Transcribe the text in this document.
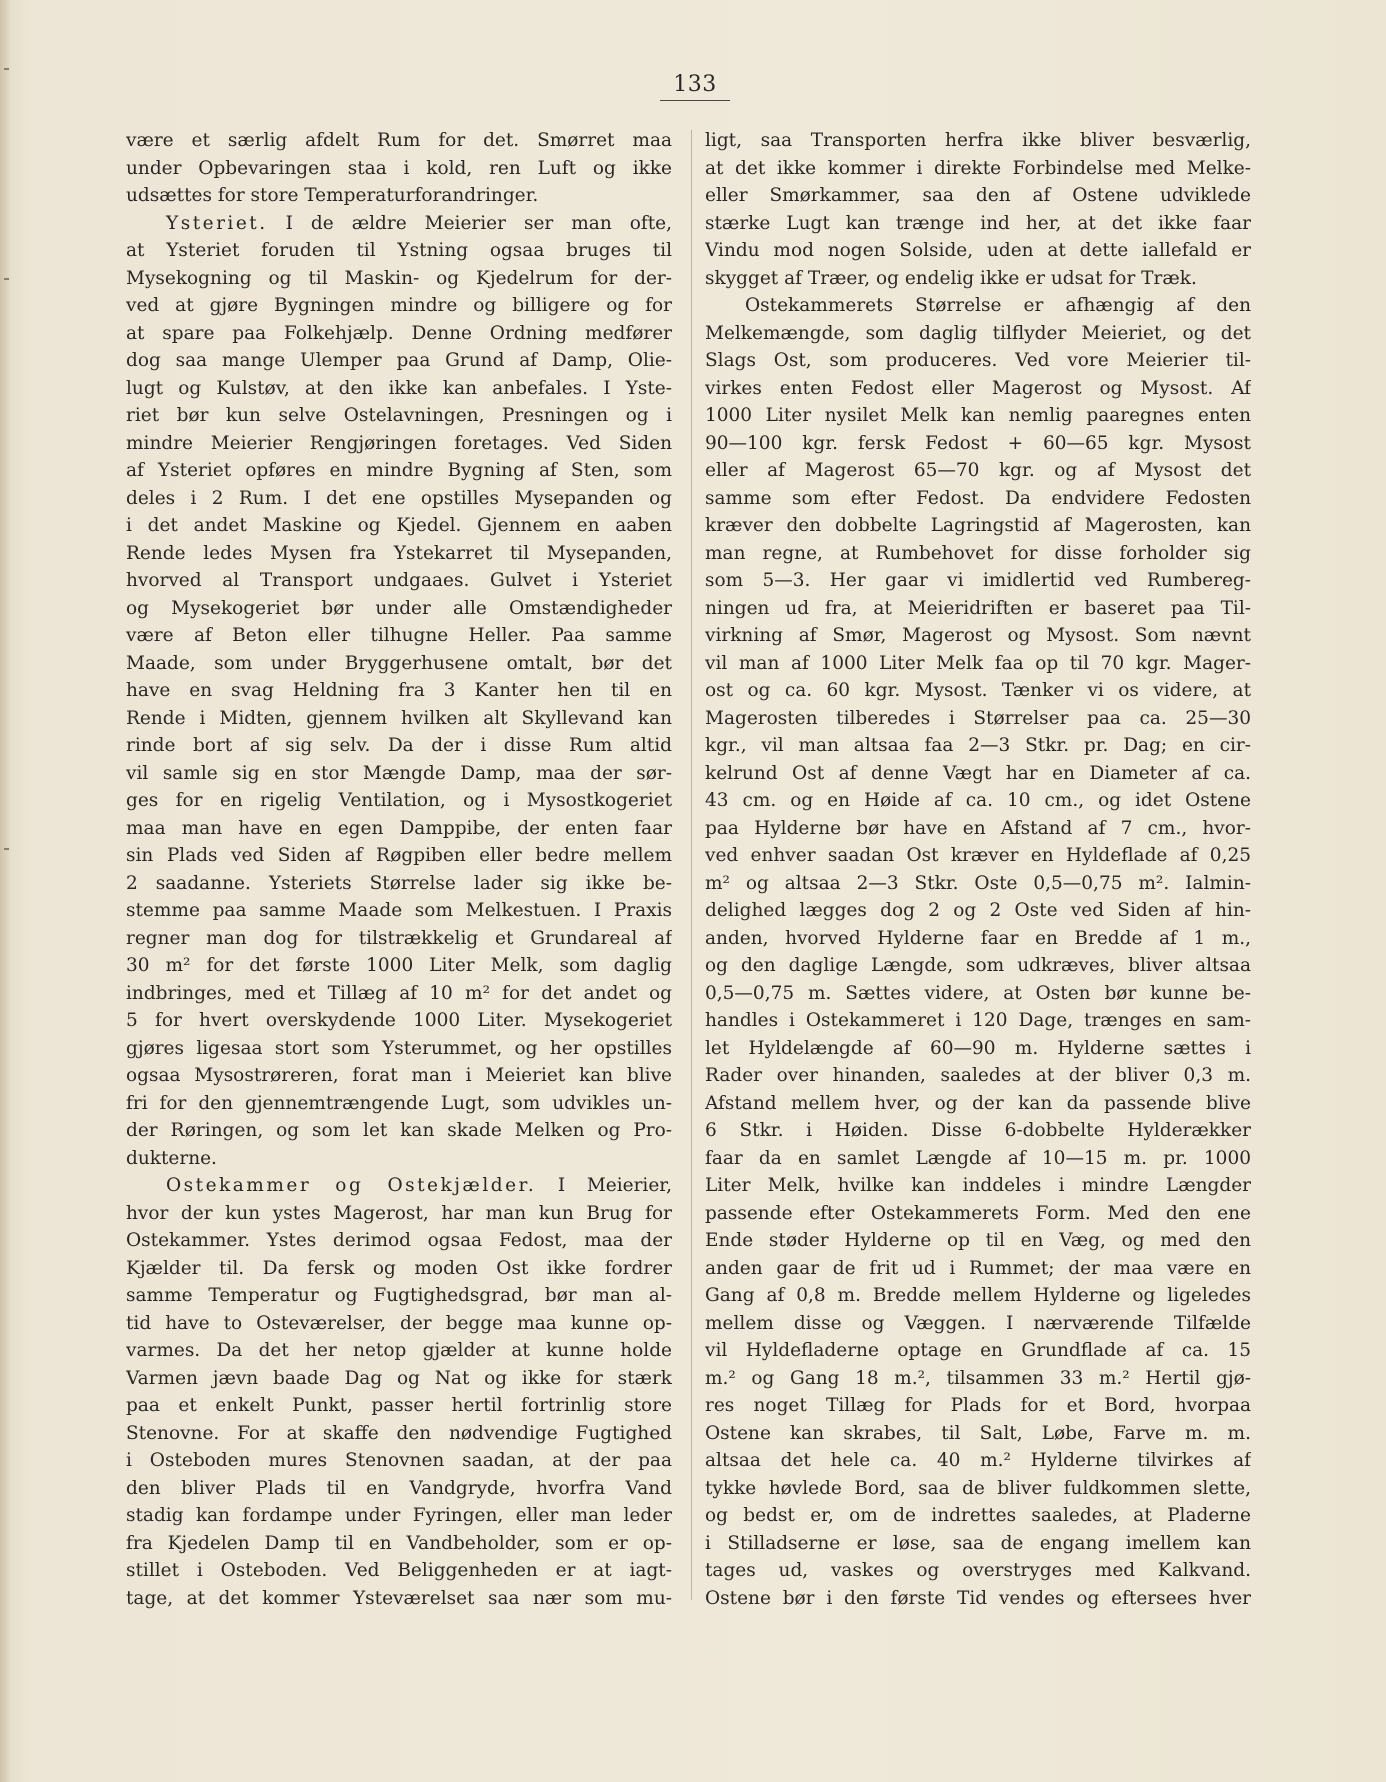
133
være et særlig afdelt Rum for det. Smørret maa
under Opbevaringen staa i kold, ren Luft og ikke
udsættes for store Temperaturforandringer.
Ysteriet. I de ældre Meierier ser man ofte,
at Ysteriet foruden til Ystning ogsaa bruges til
Mysekogning og til Maskin- og Kjedelrum for der-
ved at gjøre Bygningen mindre og billigere og for
at spare paa Folkehjælp. Denne Ordning medfører
dog saa mange Ulemper paa Grund af Damp, Olie-
lugt og Kulstøv, at den ikke kan anbefales. I Yste-
riet bør kun selve Ostelavningen, Presningen og i
mindre Meierier Rengjøringen foretages. Ved Siden
af Ysteriet opføres en mindre Bygning af Sten, som
deles i 2 Rum. I det ene opstilles Mysepanden og
i det andet Maskine og Kjedel. Gjennem en aaben
Rende ledes Mysen fra Ystekarret til Mysepanden,
hvorved al Transport undgaaes. Gulvet i Ysteriet
og Mysekogeriet bør under alle Omstændigheder
være af Beton eller tilhugne Heller. Paa samme
Maade, som under Bryggerhusene omtalt, bør det
have en svag Heldning fra 3 Kanter hen til en
Rende i Midten, gjennem hvilken alt Skyllevand kan
rinde bort af sig selv. Da der i disse Rum altid
vil samle sig en stor Mængde Damp, maa der sør-
ges for en rigelig Ventilation, og i Mysostkogeriet
maa man have en egen Damppibe, der enten faar
sin Plads ved Siden af Røgpiben eller bedre mellem
2 saadanne. Ysteriets Størrelse lader sig ikke be-
stemme paa samme Maade som Melkestuen. I Praxis
regner man dog for tilstrækkelig et Grundareal af
30 m² for det første 1000 Liter Melk, som daglig
indbringes, med et Tillæg af 10 m² for det andet og
5 for hvert overskydende 1000 Liter. Mysekogeriet
gjøres ligesaa stort som Ysterummet, og her opstilles
ogsaa Mysostrøreren, forat man i Meieriet kan blive
fri for den gjennemtrængende Lugt, som udvikles un-
der Røringen, og som let kan skade Melken og Pro-
dukterne.
Ostekammer og Ostekjælder. I Meierier,
hvor der kun ystes Magerost, har man kun Brug for
Ostekammer. Ystes derimod ogsaa Fedost, maa der
Kjælder til. Da fersk og moden Ost ikke fordrer
samme Temperatur og Fugtighedsgrad, bør man al-
tid have to Osteværelser, der begge maa kunne op-
varmes. Da det her netop gjælder at kunne holde
Varmen jævn baade Dag og Nat og ikke for stærk
paa et enkelt Punkt, passer hertil fortrinlig store
Stenovne. For at skaffe den nødvendige Fugtighed
i Osteboden mures Stenovnen saadan, at der paa
den bliver Plads til en Vandgryde, hvorfra Vand
stadig kan fordampe under Fyringen, eller man leder
fra Kjedelen Damp til en Vandbeholder, som er op-
stillet i Osteboden. Ved Beliggenheden er at iagt-
tage, at det kommer Ysteværelset saa nær som mu-
ligt, saa Transporten herfra ikke bliver besværlig,
at det ikke kommer i direkte Forbindelse med Melke-
eller Smørkammer, saa den af Ostene udviklede
stærke Lugt kan trænge ind her, at det ikke faar
Vindu mod nogen Solside, uden at dette iallefald er
skygget af Træer, og endelig ikke er udsat for Træk.
Ostekammerets Størrelse er afhængig af den
Melkemængde, som daglig tilflyder Meieriet, og det
Slags Ost, som produceres. Ved vore Meierier til-
virkes enten Fedost eller Magerost og Mysost. Af
1000 Liter nysilet Melk kan nemlig paaregnes enten
90—100 kgr. fersk Fedost + 60—65 kgr. Mysost
eller af Magerost 65—70 kgr. og af Mysost det
samme som efter Fedost. Da endvidere Fedosten
kræver den dobbelte Lagringstid af Magerosten, kan
man regne, at Rumbehovet for disse forholder sig
som 5—3. Her gaar vi imidlertid ved Rumbereg-
ningen ud fra, at Meieridriften er baseret paa Til-
virkning af Smør, Magerost og Mysost. Som nævnt
vil man af 1000 Liter Melk faa op til 70 kgr. Mager-
ost og ca. 60 kgr. Mysost. Tænker vi os videre, at
Magerosten tilberedes i Størrelser paa ca. 25—30
kgr., vil man altsaa faa 2—3 Stkr. pr. Dag; en cir-
kelrund Ost af denne Vægt har en Diameter af ca.
43 cm. og en Høide af ca. 10 cm., og idet Ostene
paa Hylderne bør have en Afstand af 7 cm., hvor-
ved enhver saadan Ost kræver en Hyldeflade af 0,25
m² og altsaa 2—3 Stkr. Oste 0,5—0,75 m². Ialmin-
delighed lægges dog 2 og 2 Oste ved Siden af hin-
anden, hvorved Hylderne faar en Bredde af 1 m.,
og den daglige Længde, som udkræves, bliver altsaa
0,5—0,75 m. Sættes videre, at Osten bør kunne be-
handles i Ostekammeret i 120 Dage, trænges en sam-
let Hyldelængde af 60—90 m. Hylderne sættes i
Rader over hinanden, saaledes at der bliver 0,3 m.
Afstand mellem hver, og der kan da passende blive
6 Stkr. i Høiden. Disse 6-dobbelte Hylderækker
faar da en samlet Længde af 10—15 m. pr. 1000
Liter Melk, hvilke kan inddeles i mindre Længder
passende efter Ostekammerets Form. Med den ene
Ende støder Hylderne op til en Væg, og med den
anden gaar de frit ud i Rummet; der maa være en
Gang af 0,8 m. Bredde mellem Hylderne og ligeledes
mellem disse og Væggen. I nærværende Tilfælde
vil Hyldefladerne optage en Grundflade af ca. 15
m.² og Gang 18 m.², tilsammen 33 m.² Hertil gjø-
res noget Tillæg for Plads for et Bord, hvorpaa
Ostene kan skrabes, til Salt, Løbe, Farve m. m.
altsaa det hele ca. 40 m.² Hylderne tilvirkes af
tykke høvlede Bord, saa de bliver fuldkommen slette,
og bedst er, om de indrettes saaledes, at Pladerne
i Stilladserne er løse, saa de engang imellem kan
tages ud, vaskes og overstryges med Kalkvand.
Ostene bør i den første Tid vendes og eftersees hver
